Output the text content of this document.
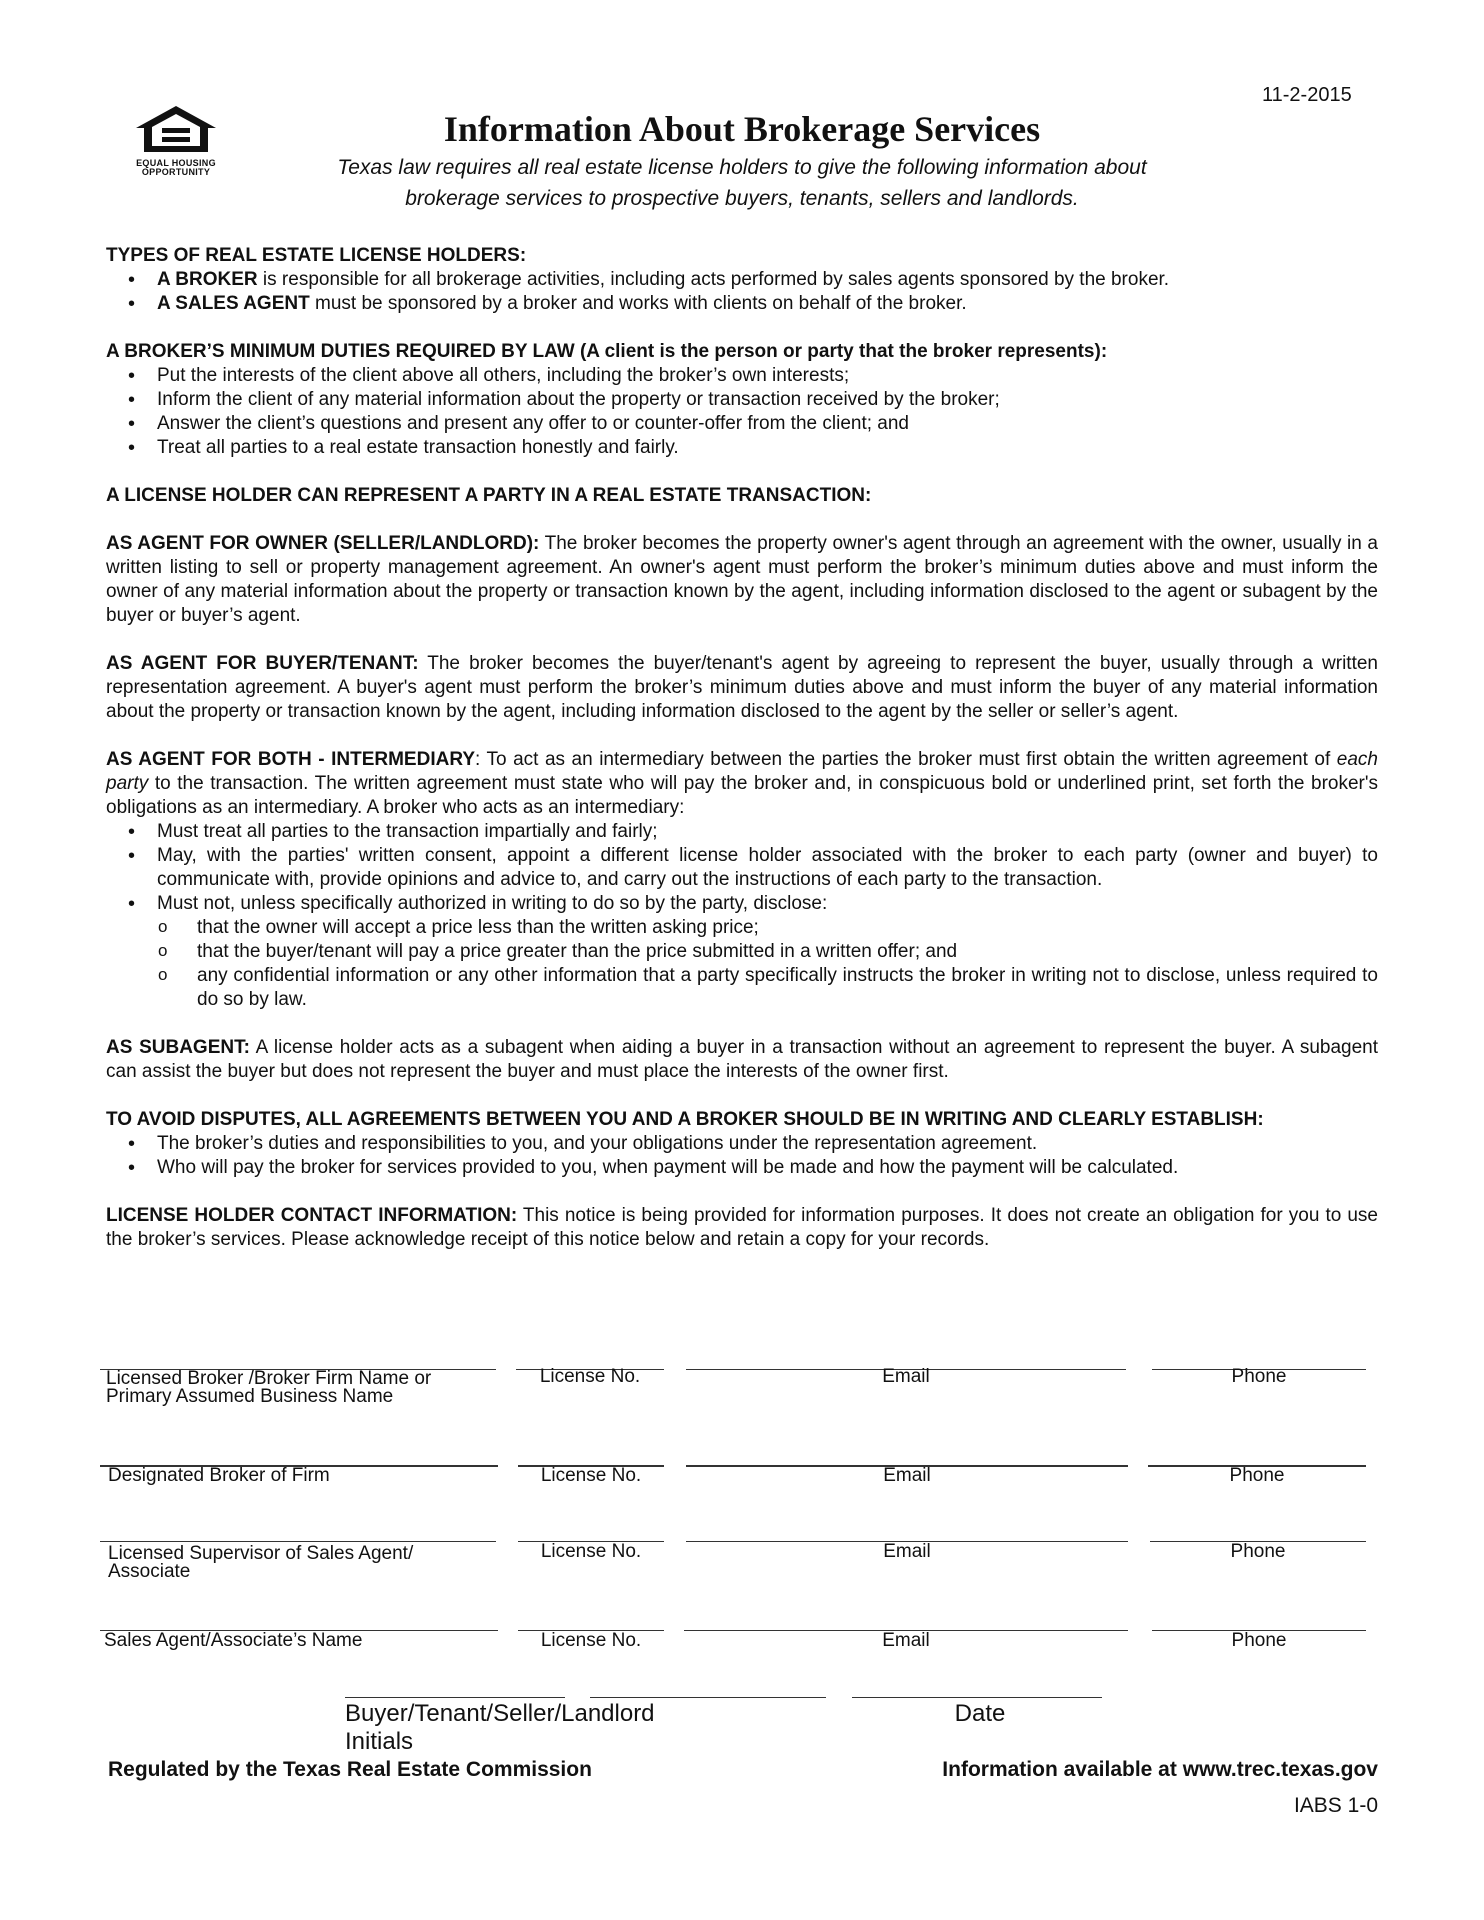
11-2-2015
EQUAL HOUSING
OPPORTUNITY
Information About Brokerage Services
Texas law requires all real estate license holders to give the following information about
brokerage services to prospective buyers, tenants, sellers and landlords.

TYPES OF REAL ESTATE LICENSE HOLDERS:

• A BROKER is responsible for all brokerage activities, including acts performed by sales agents sponsored by the broker.
• A SALES AGENT must be sponsored by a broker and works with clients on behalf of the broker.

A BROKER’S MINIMUM DUTIES REQUIRED BY LAW (A client is the person or party that the broker represents):

• Put the interests of the client above all others, including the broker’s own interests;
• Inform the client of any material information about the property or transaction received by the broker;
• Answer the client’s questions and present any offer to or counter-offer from the client; and
• Treat all parties to a real estate transaction honestly and fairly.

A LICENSE HOLDER CAN REPRESENT A PARTY IN A REAL ESTATE TRANSACTION:

AS AGENT FOR OWNER (SELLER/LANDLORD): The broker becomes the property owner's agent through an agreement with the owner, usually in a written listing to sell or property management agreement. An owner's agent must perform the broker’s minimum duties above and must inform the owner of any material information about the property or transaction known by the agent, including information disclosed to the agent or subagent by the buyer or buyer’s agent.

AS AGENT FOR BUYER/TENANT: The broker becomes the buyer/tenant's agent by agreeing to represent the buyer, usually through a written representation agreement. A buyer's agent must perform the broker’s minimum duties above and must inform the buyer of any material information about the property or transaction known by the agent, including information disclosed to the agent by the seller or seller’s agent.

AS AGENT FOR BOTH - INTERMEDIARY: To act as an intermediary between the parties the broker must first obtain the written agreement of each party to the transaction. The written agreement must state who will pay the broker and, in conspicuous bold or underlined print, set forth the broker's obligations as an intermediary. A broker who acts as an intermediary:

• Must treat all parties to the transaction impartially and fairly;
• May, with the parties' written consent, appoint a different license holder associated with the broker to each party (owner and buyer) to communicate with, provide opinions and advice to, and carry out the instructions of each party to the transaction.
• Must not, unless specifically authorized in writing to do so by the party, disclose:
o that the owner will accept a price less than the written asking price;
o that the buyer/tenant will pay a price greater than the price submitted in a written offer; and
o any confidential information or any other information that a party specifically instructs the broker in writing not to disclose, unless required to do so by law.

AS SUBAGENT: A license holder acts as a subagent when aiding a buyer in a transaction without an agreement to represent the buyer. A subagent can assist the buyer but does not represent the buyer and must place the interests of the owner first.

TO AVOID DISPUTES, ALL AGREEMENTS BETWEEN YOU AND A BROKER SHOULD BE IN WRITING AND CLEARLY ESTABLISH:

• The broker’s duties and responsibilities to you, and your obligations under the representation agreement.
• Who will pay the broker for services provided to you, when payment will be made and how the payment will be calculated.

LICENSE HOLDER CONTACT INFORMATION: This notice is being provided for information purposes. It does not create an obligation for you to use the broker’s services. Please acknowledge receipt of this notice below and retain a copy for your records.

Licensed Broker /Broker Firm Name or
Primary Assumed Business Name
License No.	Email	Phone
Designated Broker of Firm	License No.	Email	Phone
Licensed Supervisor of Sales Agent/
Associate
License No.	Email	Phone
Sales Agent/Associate’s Name	License No.	Email	Phone
Buyer/Tenant/Seller/Landlord Initials
Date
Regulated by the Texas Real Estate Commission	Information available at www.trec.texas.gov
IABS 1-0
